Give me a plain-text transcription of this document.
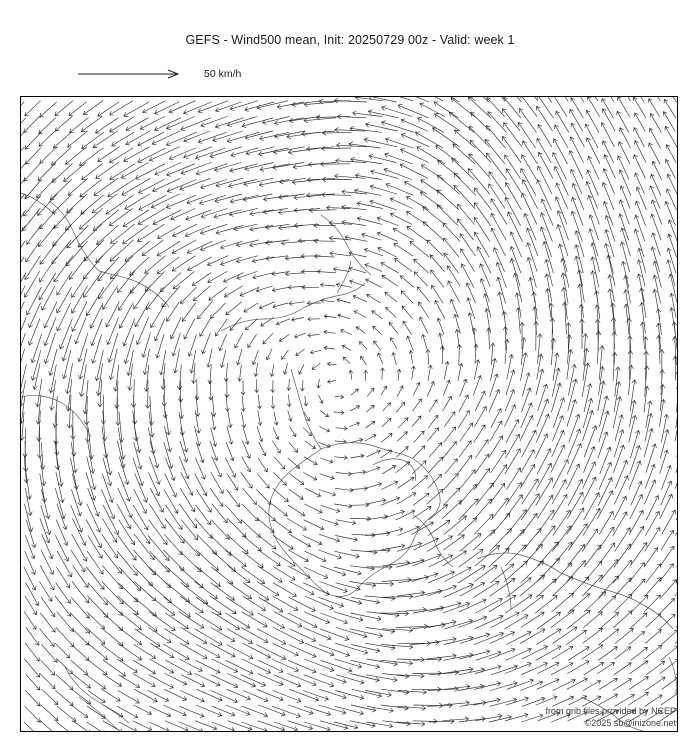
GEFS - Wind500 mean, Init: 20250729 00z - Valid: week 1
50 km/h
from grib files provided by NCEP
©2025 sb@inizone.net
